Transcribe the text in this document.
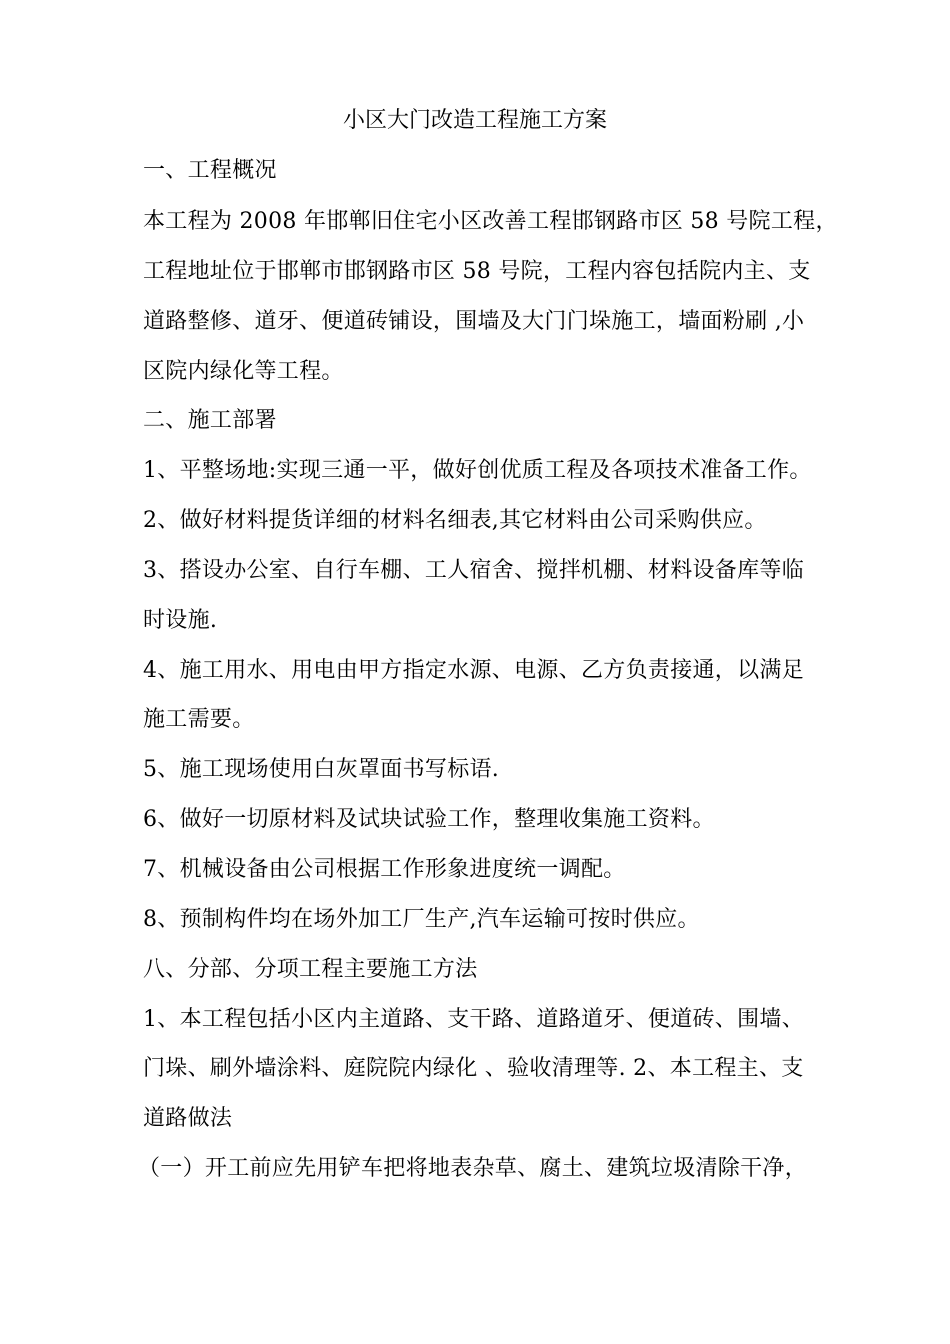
小区大门改造工程施工方案
一、工程概况
本工程为 2008 年邯郸旧住宅小区改善工程邯钢路市区 58 号院工程，
工程地址位于邯郸市邯钢路市区 58 号院，工程内容包括院内主、支
道路整修、道牙、便道砖铺设，围墙及大门门垛施工，墙面粉刷 ,小
区院内绿化等工程。
二、施工部署
1、平整场地:实现三通一平，做好创优质工程及各项技术准备工作。
2、做好材料提货详细的材料名细表,其它材料由公司采购供应。
3、搭设办公室、自行车棚、工人宿舍、搅拌机棚、材料设备库等临
时设施.
4、施工用水、用电由甲方指定水源、电源、乙方负责接通，以满足
施工需要。
5、施工现场使用白灰罩面书写标语.
6、做好一切原材料及试块试验工作，整理收集施工资料。
7、机械设备由公司根据工作形象进度统一调配。
8、预制构件均在场外加工厂生产,汽车运输可按时供应。
八、分部、分项工程主要施工方法
1、本工程包括小区内主道路、支干路、道路道牙、便道砖、围墙、
门垛、刷外墙涂料、庭院院内绿化 、验收清理等. 2、本工程主、支
道路做法
（一）开工前应先用铲车把将地表杂草、腐土、建筑垃圾清除干净，
